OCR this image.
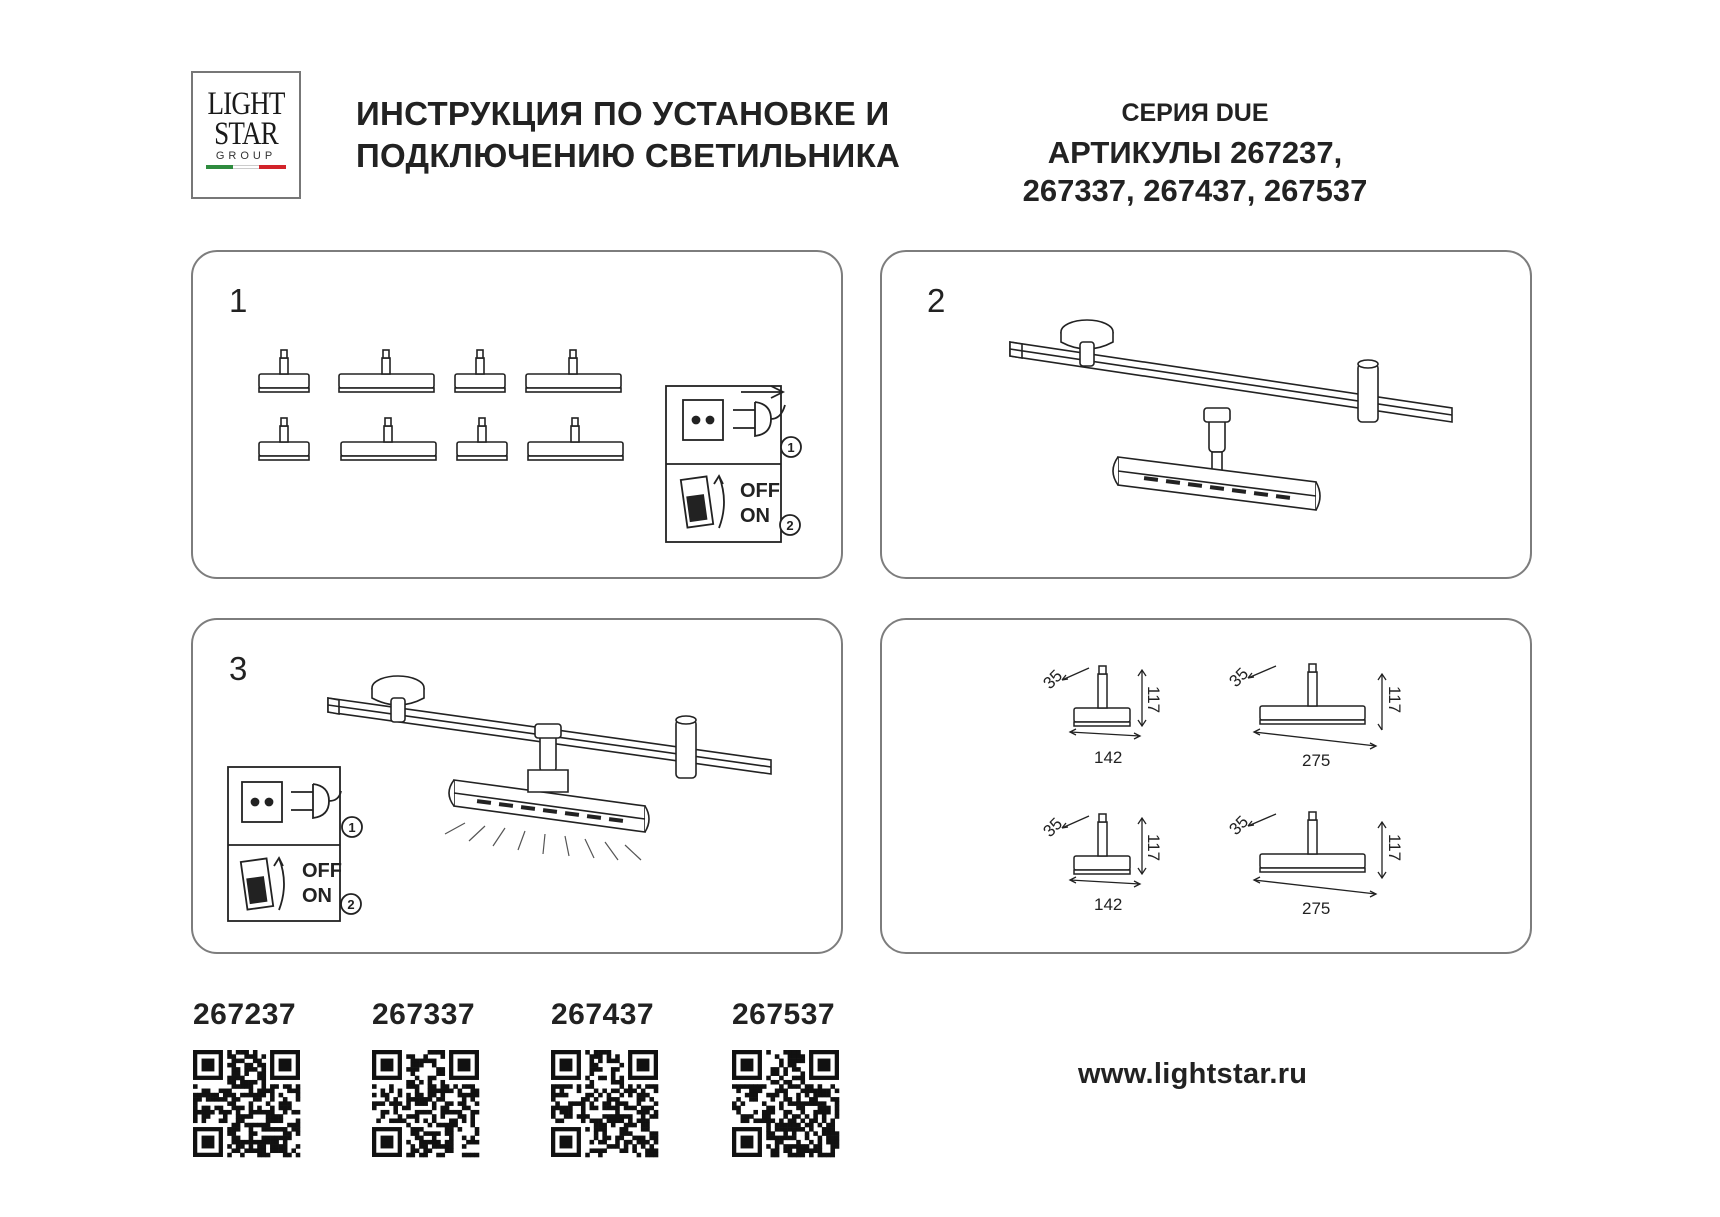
LIGHT
STAR
GROUP
ИНСТРУКЦИЯ ПО УСТАНОВКЕ И
ПОДКЛЮЧЕНИЮ СВЕТИЛЬНИКА
СЕРИЯ DUE
АРТИКУЛЫ 267237,
267337, 267437, 267537
1
1
2
OFF
ON
2
3
1
2
OFF
ON
35
117
142
35
117
275
35
117
142
35
117
275
267237	267337	267437	267537
www.lightstar.ru
